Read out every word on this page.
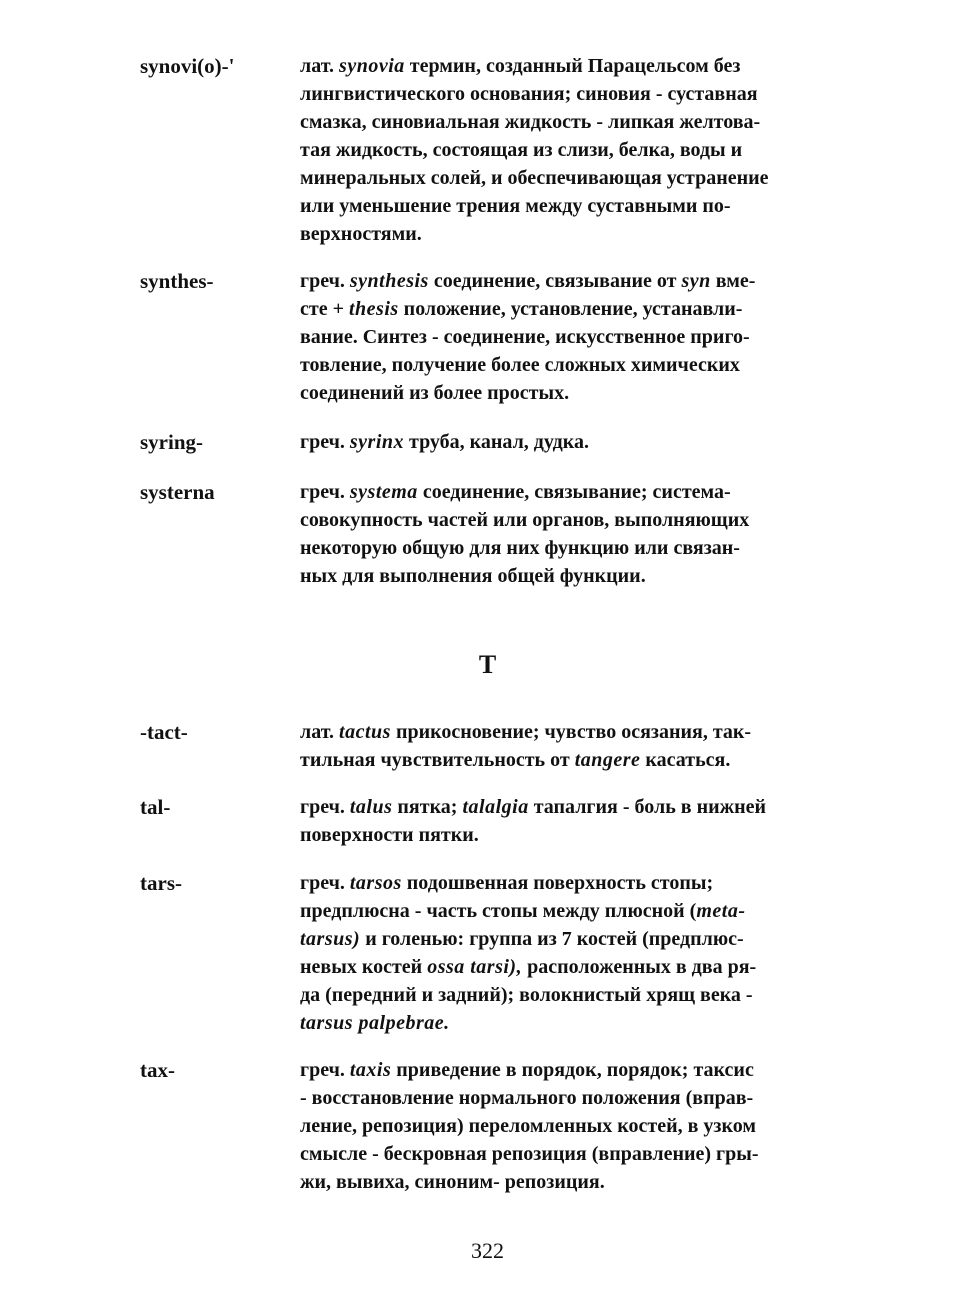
synovi(o)-'	лат. synovia термин, созданный Парацельсом без
лингвистического основания; синовия - суставная
смазка, синовиальная жидкость - липкая желтова-
тая жидкость, состоящая из слизи, белка, воды и
минеральных солей, и обеспечивающая устранение
или уменьшение трения между суставными по-
верхностями.
synthes-	греч. synthesis соединение, связывание от syn вме-
сте + thesis положение, установление, устанавли-
вание. Синтез - соединение, искусственное приго-
товление, получение более сложных химических
соединений из более простых.
syring-	греч. syrinx труба, канал, дудка.
systerna	греч. systema соединение, связывание; система-
совокупность частей или органов, выполняющих
некоторую общую для них функцию или связан-
ных для выполнения общей функции.
Т
-tact-	лат. tactus прикосновение; чувство осязания, так-
тильная чувствительность от tangere касаться.
tal-	греч. talus пятка; talalgia тапалгия - боль в нижней
поверхности пятки.
tars-	греч. tarsos подошвенная поверхность стопы;
предплюсна - часть стопы между плюсной (meta-
tarsus) и голенью: группа из 7 костей (предплюс-
невых костей ossa tarsi), расположенных в два ря-
да (передний и задний); волокнистый хрящ века -
tarsus palpebrae.
tax-	греч. taxis приведение в порядок, порядок; таксис
- восстановление нормального положения (вправ-
ление, репозиция) переломленных костей, в узком
смысле - бескровная репозиция (вправление) гры-
жи, вывиха, синоним- репозиция.
322
